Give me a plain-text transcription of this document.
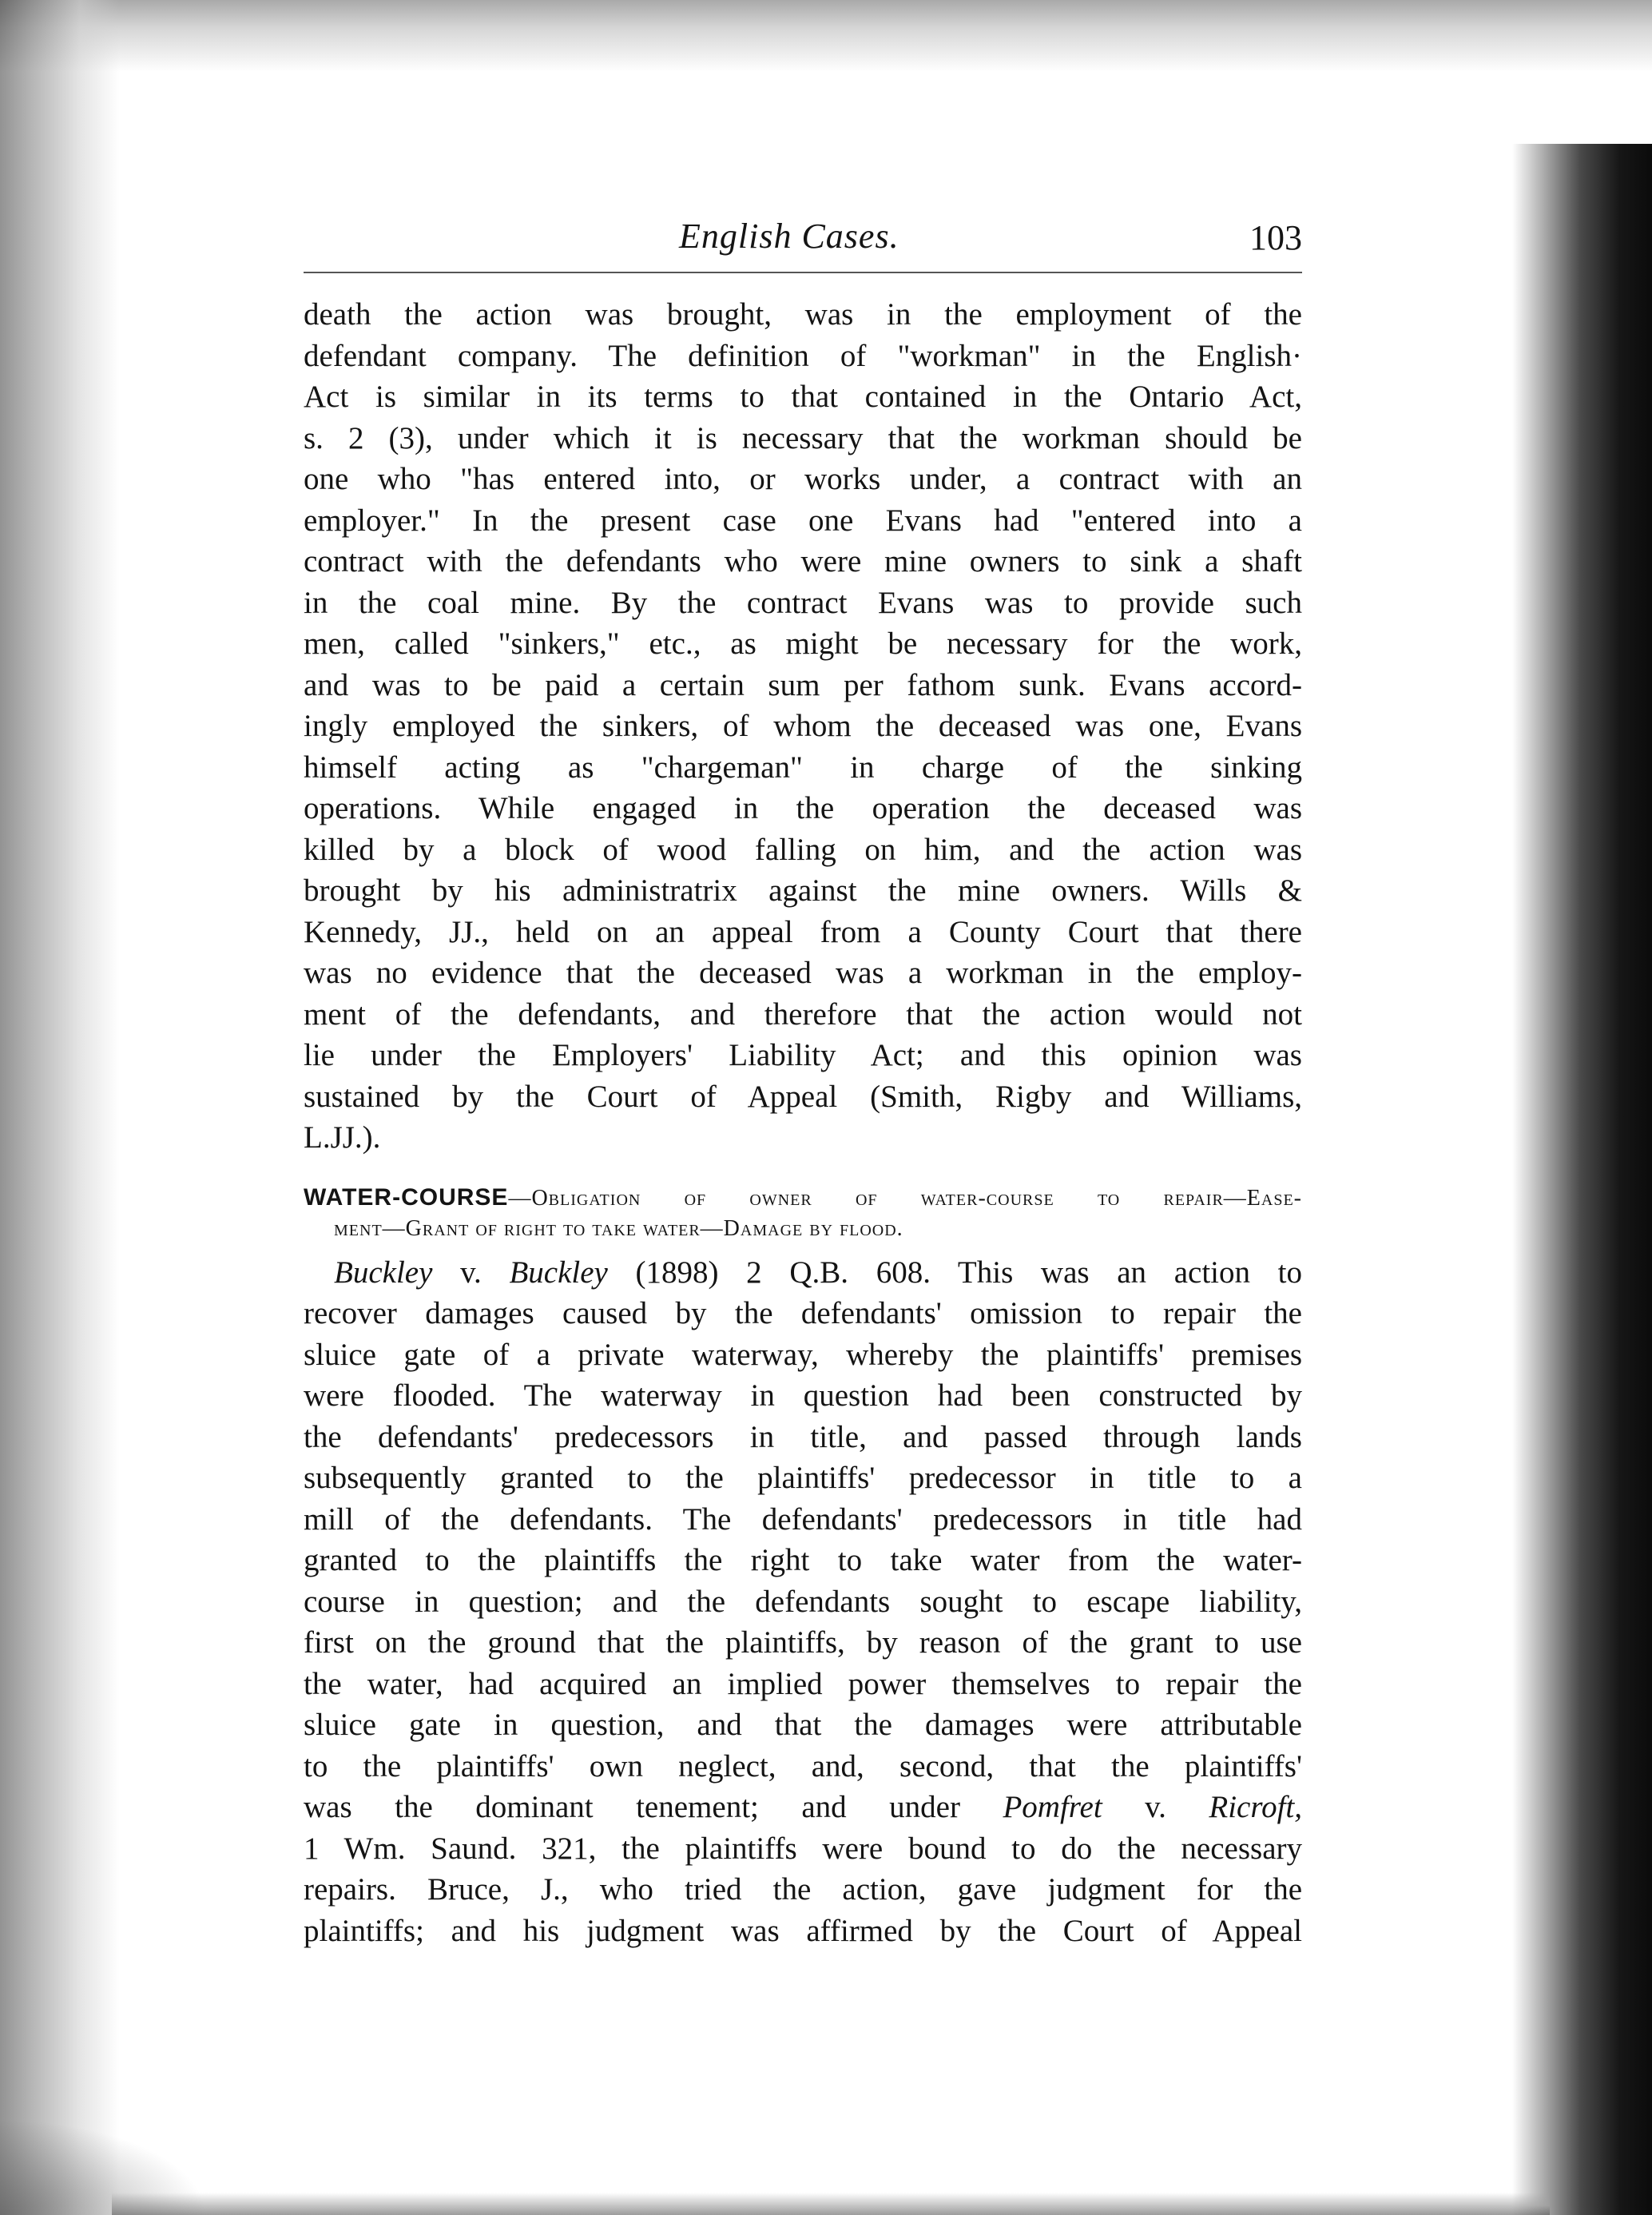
English Cases.	103
death the action was brought, was in the employment of the
defendant company. The definition of "workman" in the English·
Act is similar in its terms to that contained in the Ontario Act,
s. 2 (3), under which it is necessary that the workman should be
one who "has entered into, or works under, a contract with an
employer." In the present case one Evans had "entered into a
contract with the defendants who were mine owners to sink a shaft
in the coal mine. By the contract Evans was to provide such
men, called "sinkers," etc., as might be necessary for the work,
and was to be paid a certain sum per fathom sunk. Evans accord-
ingly employed the sinkers, of whom the deceased was one, Evans
himself acting as "chargeman" in charge of the sinking
operations. While engaged in the operation the deceased was
killed by a block of wood falling on him, and the action was
brought by his administratrix against the mine owners. Wills &
Kennedy, JJ., held on an appeal from a County Court that there
was no evidence that the deceased was a workman in the employ-
ment of the defendants, and therefore that the action would not
lie under the Employers' Liability Act; and this opinion was
sustained by the Court of Appeal (Smith, Rigby and Williams,
L.JJ.).
WATER-COURSE—Obligation of owner of water-course to repair—Ease-
ment—Grant of right to take water—Damage by flood.
Buckley v. Buckley (1898) 2 Q.B. 608. This was an action to
recover damages caused by the defendants' omission to repair the
sluice gate of a private waterway, whereby the plaintiffs' premises
were flooded. The waterway in question had been constructed by
the defendants' predecessors in title, and passed through lands
subsequently granted to the plaintiffs' predecessor in title to a
mill of the defendants. The defendants' predecessors in title had
granted to the plaintiffs the right to take water from the water-
course in question; and the defendants sought to escape liability,
first on the ground that the plaintiffs, by reason of the grant to use
the water, had acquired an implied power themselves to repair the
sluice gate in question, and that the damages were attributable
to the plaintiffs' own neglect, and, second, that the plaintiffs'
was the dominant tenement; and under Pomfret v. Ricroft,
1 Wm. Saund. 321, the plaintiffs were bound to do the necessary
repairs. Bruce, J., who tried the action, gave judgment for the
plaintiffs; and his judgment was affirmed by the Court of Appeal
